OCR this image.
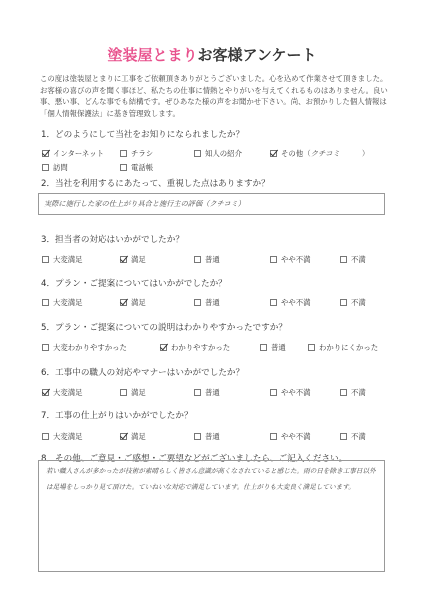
塗装屋とまりお客様アンケート
この度は塗装屋とまりに工事をご依頼頂きありがとうございました。心を込めて作業させて頂きました。お客様の喜びの声を聞く事ほど、私たちの仕事に情熱とやりがいを与えてくれるものはありません。良い事、悪い事、どんな事でも結構です。ぜひあなた様の声をお聞かせ下さい。尚、お預かりした個人情報は「個人情報保護法」に基き管理致します。
1．どのようにして当社をお知りになられましたか？
インターネット	チラシ	知人の紹介	その他 （ クチコミ	）
訪問	電話帳
2．当社を利用するにあたって、重視した点はありますか？
実際に施行した家の仕上がり具合と施行主の評価（クチコミ）
3．担当者の対応はいかがでしたか？
大変満足	満足	普通	やや不満	不満
4．プラン・ご提案についてはいかがでしたか？
大変満足	満足	普通	やや不満	不満
5．プラン・ご提案についての説明はわかりやすかったですか？
大変わかりやすかった	わかりやすかった	普通	わかりにくかった
6．工事中の職人の対応やマナーはいかがでしたか？
大変満足	満足	普通	やや不満	不満
7．工事の仕上がりはいかがでしたか？
大変満足	満足	普通	やや不満	不満
8．その他、ご意見・ご感想・ご要望などがございましたら、ご記入ください。
若い職人さんが多かったが技術が素晴らしく皆さん意識が高くなされていると感じた。雨の日を除き工事日以外は足場をしっかり見て頂けた。ていねいな対応で満足しています。仕上がりも大変良く満足しています。
